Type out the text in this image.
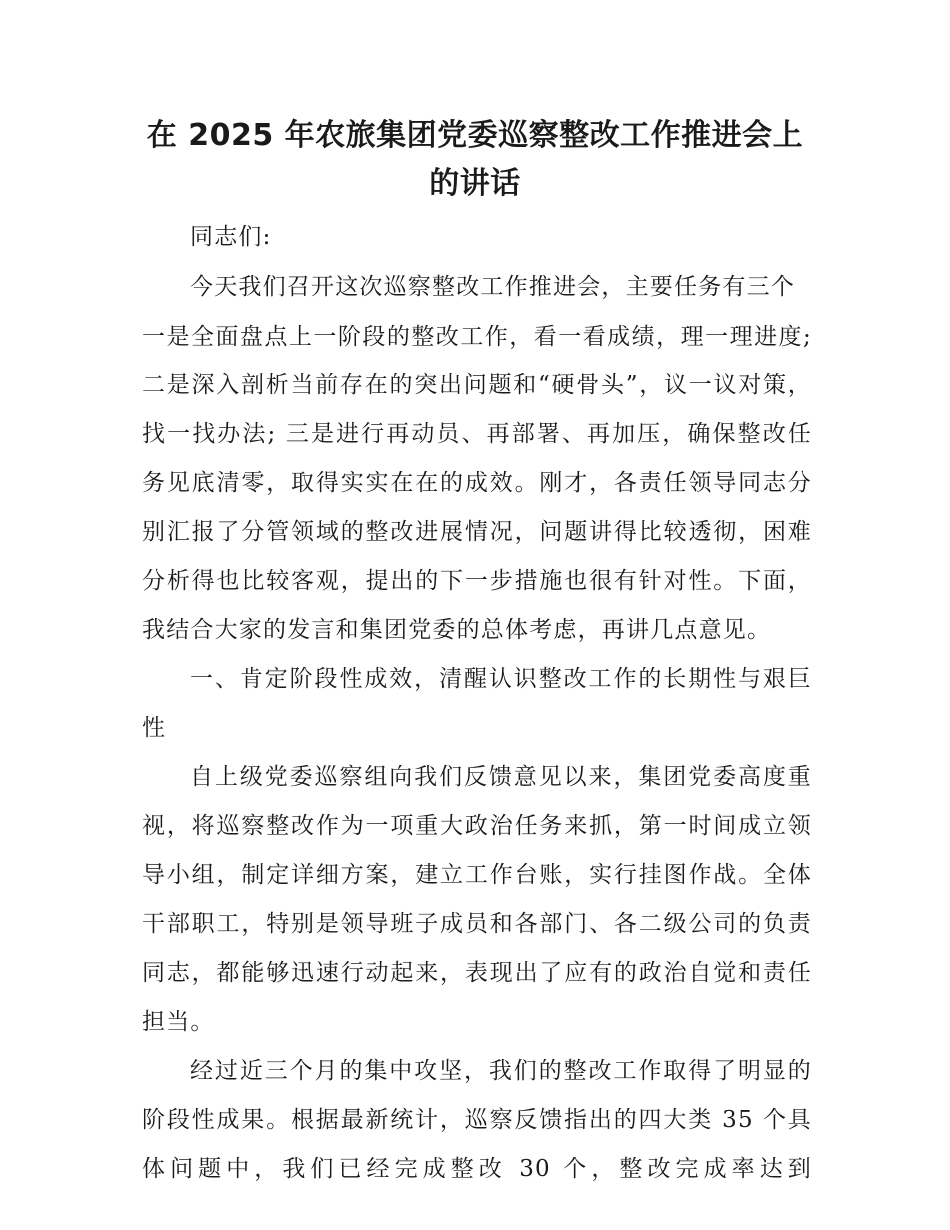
在 2025 年农旅集团党委巡察整改工作推进会上
的讲话
同志们:
今天我们召开这次巡察整改工作推进会，主要任务有三个
一是全面盘点上一阶段的整改工作，看一看成绩，理一理进度;
二是深入剖析当前存在的突出问题和“硬骨头”，议一议对策，
找一找办法; 三是进行再动员、再部署、再加压，确保整改任
务见底清零，取得实实在在的成效。刚才，各责任领导同志分
别汇报了分管领域的整改进展情况，问题讲得比较透彻，困难
分析得也比较客观，提出的下一步措施也很有针对性。下面，
我结合大家的发言和集团党委的总体考虑，再讲几点意见。
一、肯定阶段性成效，清醒认识整改工作的长期性与艰巨
性
自上级党委巡察组向我们反馈意见以来，集团党委高度重
视，将巡察整改作为一项重大政治任务来抓，第一时间成立领
导小组，制定详细方案，建立工作台账，实行挂图作战。全体
干部职工，特别是领导班子成员和各部门、各二级公司的负责
同志，都能够迅速行动起来，表现出了应有的政治自觉和责任
担当。
经过近三个月的集中攻坚，我们的整改工作取得了明显的
阶段性成果。根据最新统计，巡察反馈指出的四大类 35 个具
体问题中，我们已经完成整改 30 个，整改完成率达到
